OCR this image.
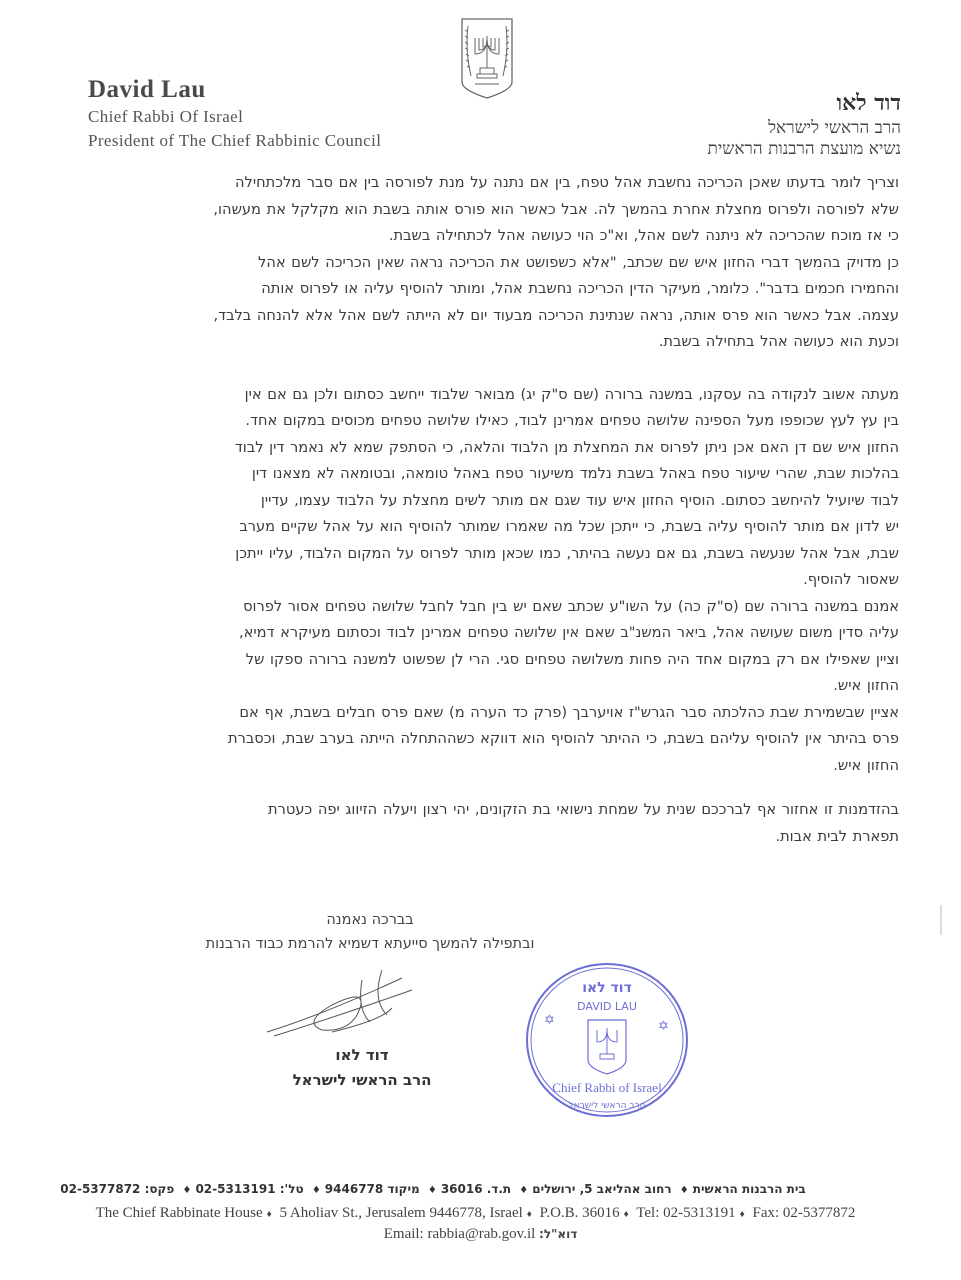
David Lau
Chief Rabbi Of Israel
President of The Chief Rabbinic Council
דוד לאו
הרב הראשי לישראל
נשיא מועצת הרבנות הראשית
וצריך לומר בדעתו שאכן הכריכה נחשבת אהל טפח, בין אם נתנה על מנת לפורסה בין אם סבר מלכתחילה
שלא לפורסה ולפרוס מחצלת אחרת בהמשך לה. אבל כאשר הוא פורס אותה בשבת הוא מקלקל את מעשהו,
כי אז מוכח שהכריכה לא ניתנה לשם אהל, וא"כ הוי כעושה אהל לכתחילה בשבת.
כן מדויק בהמשך דברי החזון איש שם שכתב, "אלא כשפושט את הכריכה נראה שאין הכריכה לשם אהל
והחמירו חכמים בדבר". כלומר, מעיקר הדין הכריכה נחשבת אהל, ומותר להוסיף עליה או לפרוס אותה
עצמה. אבל כאשר הוא פרס אותה, נראה שנתינת הכריכה מבעוד יום לא הייתה לשם אהל אלא להנחה בלבד,
וכעת הוא כעושה אהל בתחילה בשבת.
מעתה אשוב לנקודה בה עסקנו, במשנה ברורה (שם ס"ק יג) מבואר שלבוד ייחשב כסתום ולכן גם אם אין
בין עץ לעץ שכופפו מעל הספינה שלושה טפחים אמרינן לבוד, כאילו שלושה טפחים מכוסים במקום אחד.
החזון איש שם דן האם אכן ניתן לפרוס את המחצלת מן הלבוד והלאה, כי הסתפק שמא לא נאמר דין לבוד
בהלכות שבת, שהרי שיעור טפח באהל בשבת נלמד משיעור טפח באהל טומאה, ובטומאה לא מצאנו דין
לבוד שיועיל להיחשב כסתום. הוסיף החזון איש עוד שגם אם מותר לשים מחצלת על הלבוד עצמו, עדיין
יש לדון אם מותר להוסיף עליה בשבת, כי ייתכן שכל מה שאמרו שמותר להוסיף הוא על אהל שקיים מערב
שבת, אבל אהל שנעשה בשבת, גם אם נעשה בהיתר, כמו שכאן מותר לפרוס על המקום הלבוד, עליו ייתכן
שאסור להוסיף.
אמנם במשנה ברורה שם (ס"ק כה) על השו"ע שכתב שאם יש בין חבל לחבל שלושה טפחים אסור לפרוס
עליה סדין משום שעושה אהל, ביאר המשנ"ב שאם אין שלושה טפחים אמרינן לבוד וכסתום מעיקרא דמיא,
וציין שאפילו אם רק במקום אחד היה פחות משלושה טפחים סגי. הרי לן שפשוט למשנה ברורה ספקו של
החזון איש.
אציין שבשמירת שבת כהלכתה סבר הגרש"ז אויערבך (פרק כד הערה מ) שאם פרס חבלים בשבת, אף אם
פרס בהיתר אין להוסיף עליהם בשבת, כי ההיתר להוסיף הוא דווקא כשההתחלה הייתה בערב שבת, וכסברת
החזון איש.
בהזדמנות זו אחזור אף לברככם שנית על שמחת נישואי בת הזקונים, יהי רצון ויעלה הזיווג יפה כעטרת
תפארת לבית אבות.
בברכה נאמנה
ובתפילה להמשך סייעתא דשמיא להרמת כבוד הרבנות
דוד לאו
הרב הראשי לישראל
דוד לאו
DAVID LAU
✡	✡
Chief Rabbi of Israel
הרב הראשי לישראל
בית הרבנות הראשית♦ רחוב אהליאב 5, ירושלים♦ ת.ד. 36016♦ מיקוד 9446778♦ טל': 02-5313191♦ פקס: 02-5377872
The Chief Rabbinate House ♦ 5 Aholiav St., Jerusalem 9446778, Israel ♦ P.O.B. 36016 ♦ Tel: 02-5313191 ♦ Fax: 02-5377872
Email: rabbia@rab.gov.il דוא"ל:
